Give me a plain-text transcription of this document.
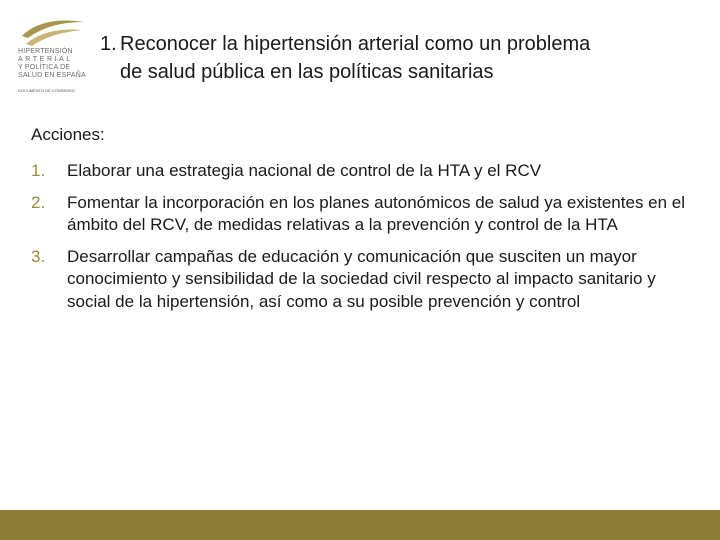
HIPERTENSIÓN
ARTERIAL
Y POLÍTICA DE
SALUD EN ESPAÑA
DOCUMENTO DE CONSENSO
1. Reconocer la hipertensión arterial como un problema
de salud pública en las políticas sanitarias
Acciones:
1.	Elaborar una estrategia nacional de control de la HTA y el RCV
2.	Fomentar la incorporación en los planes autonómicos de salud ya existentes en el ámbito del RCV, de medidas relativas a la prevención y control de la HTA
3.	Desarrollar campañas de educación y comunicación que susciten un mayor conocimiento y sensibilidad de la sociedad civil respecto al impacto sanitario y social de la hipertensión, así como a su posible prevención y control
